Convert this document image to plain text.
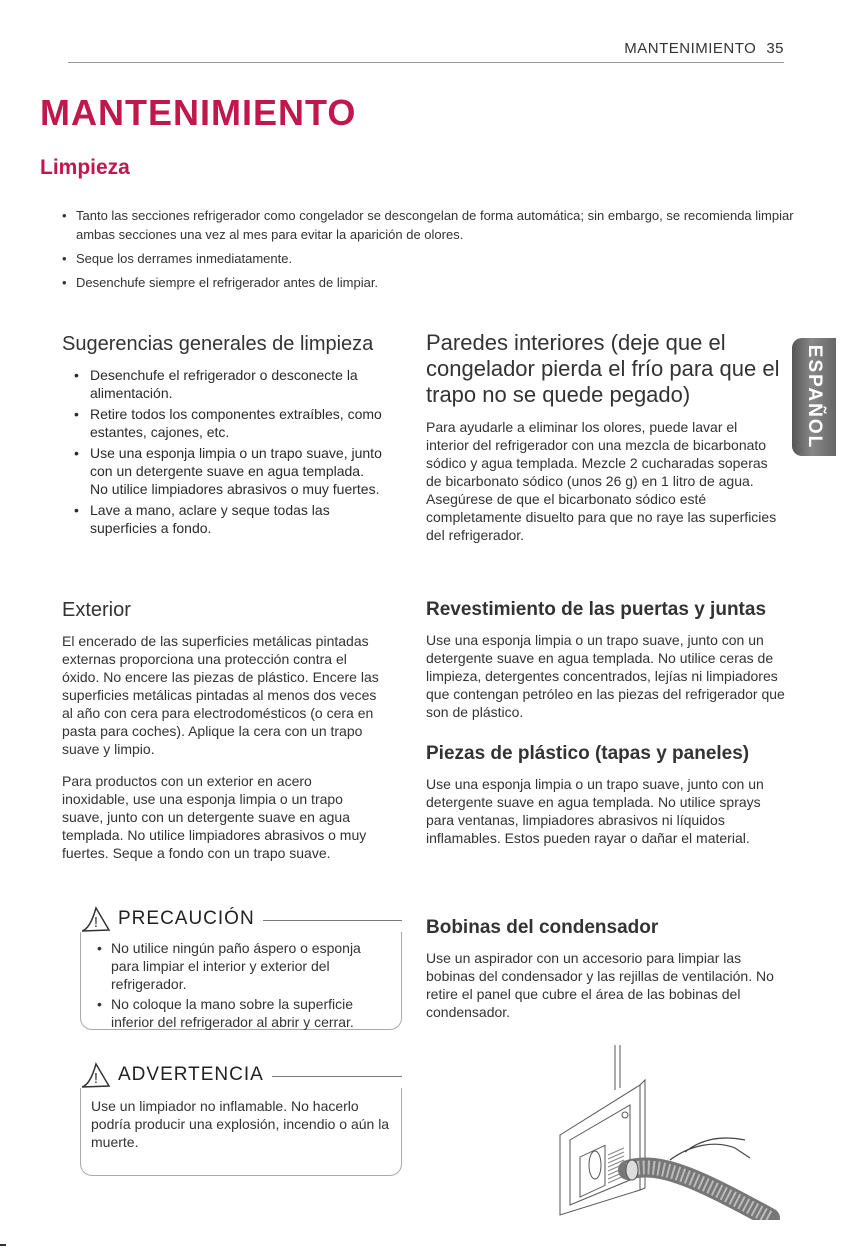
MANTENIMIENTO 35
MANTENIMIENTO
Limpieza
• Tanto las secciones refrigerador como congelador se descongelan de forma automática; sin embargo, se recomienda limpiar ambas secciones una vez al mes para evitar la aparición de olores.
• Seque los derrames inmediatamente.
• Desenchufe siempre el refrigerador antes de limpiar.
ESPAÑOL
Sugerencias generales de limpieza
• Desenchufe el refrigerador o desconecte la alimentación.
• Retire todos los componentes extraíbles, como estantes, cajones, etc.
• Use una esponja limpia o un trapo suave, junto con un detergente suave en agua templada. No utilice limpiadores abrasivos o muy fuertes.
• Lave a mano, aclare y seque todas las superficies a fondo.
Exterior

El encerado de las superficies metálicas pintadas externas proporciona una protección contra el óxido. No encere las piezas de plástico. Encere las superficies metálicas pintadas al menos dos veces al año con cera para electrodomésticos (o cera en pasta para coches). Aplique la cera con un trapo suave y limpio.

Para productos con un exterior en acero inoxidable, use una esponja limpia o un trapo suave, junto con un detergente suave en agua templada. No utilice limpiadores abrasivos o muy fuertes. Seque a fondo con un trapo suave.

• No utilice ningún paño áspero o esponja para limpiar el interior y exterior del refrigerador.
• No coloque la mano sobre la superficie inferior del refrigerador al abrir y cerrar.
! PRECAUCIÓN

Use un limpiador no inflamable. No hacerlo podría producir una explosión, incendio o aún la muerte.

! ADVERTENCIA
Paredes interiores (deje que el congelador pierda el frío para que el trapo no se quede pegado)

Para ayudarle a eliminar los olores, puede lavar el interior del refrigerador con una mezcla de bicarbonato sódico y agua templada. Mezcle 2 cucharadas soperas de bicarbonato sódico (unos 26 g) en 1 litro de agua. Asegúrese de que el bicarbonato sódico esté completamente disuelto para que no raye las superficies del refrigerador.

Revestimiento de las puertas y juntas

Use una esponja limpia o un trapo suave, junto con un detergente suave en agua templada. No utilice ceras de limpieza, detergentes concentrados, lejías ni limpiadores que contengan petróleo en las piezas del refrigerador que son de plástico.

Piezas de plástico (tapas y paneles)

Use una esponja limpia o un trapo suave, junto con un detergente suave en agua templada. No utilice sprays para ventanas, limpiadores abrasivos ni líquidos inflamables. Estos pueden rayar o dañar el material.

Bobinas del condensador

Use un aspirador con un accesorio para limpiar las bobinas del condensador y las rejillas de ventilación. No retire el panel que cubre el área de las bobinas del condensador.
